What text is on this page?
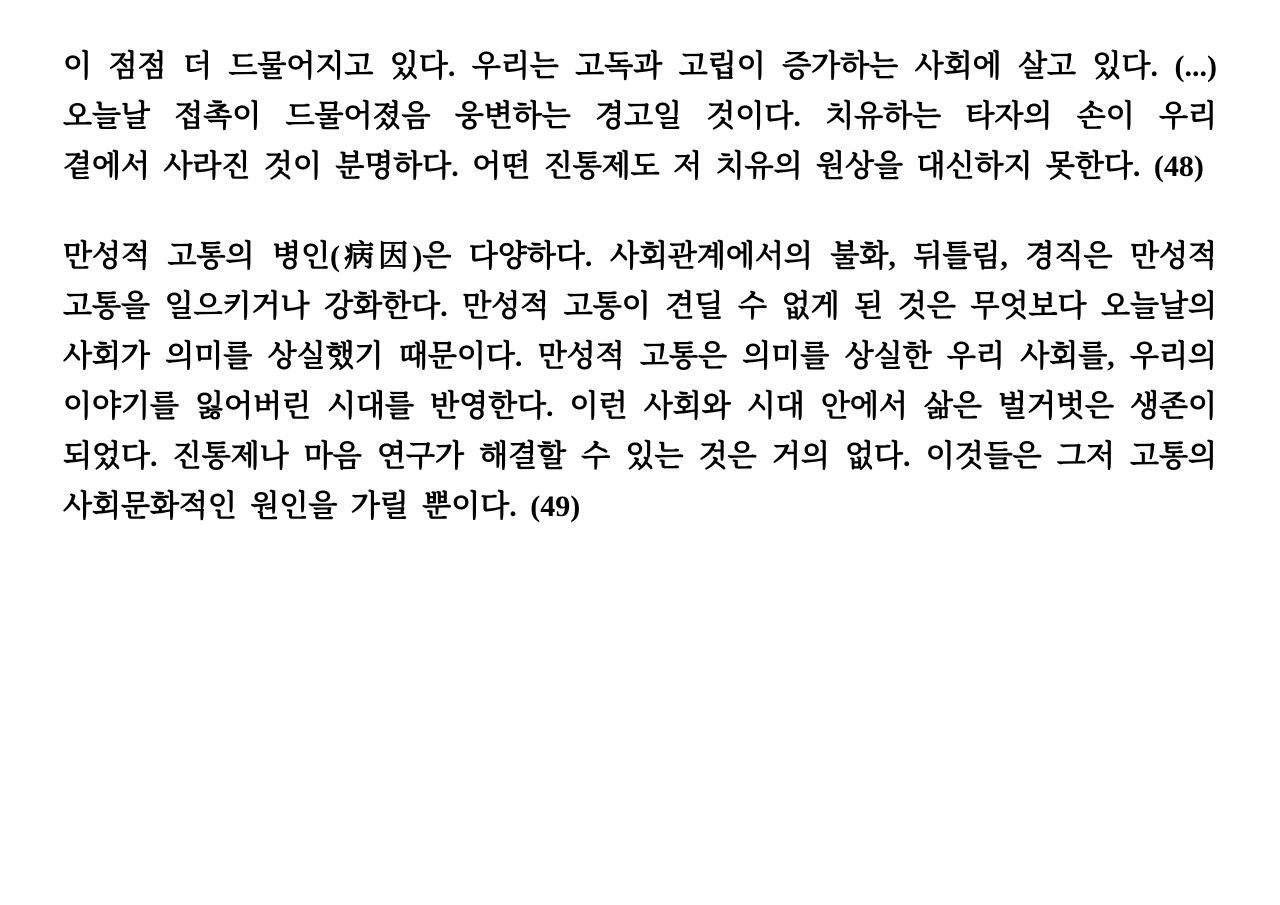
이 점점 더 드물어지고 있다. 우리는 고독과 고립이 증가하는 사회에 살고 있다. (...) 오늘날 접촉이 드물어졌음 웅변하는 경고일 것이다. 치유하는 타자의 손이 우리 곁에서 사라진 것이 분명하다. 어떤 진통제도 저 치유의 원상을 대신하지 못한다. (48)

만성적 고통의 병인(病因)은 다양하다. 사회관계에서의 불화, 뒤틀림, 경직은 만성적 고통을 일으키거나 강화한다. 만성적 고통이 견딜 수 없게 된 것은 무엇보다 오늘날의 사회가 의미를 상실했기 때문이다. 만성적 고통은 의미를 상실한 우리 사회를, 우리의 이야기를 잃어버린 시대를 반영한다. 이런 사회와 시대 안에서 삶은 벌거벗은 생존이 되었다. 진통제나 마음 연구가 해결할 수 있는 것은 거의 없다. 이것들은 그저 고통의 사회문화적인 원인을 가릴 뿐이다. (49)
